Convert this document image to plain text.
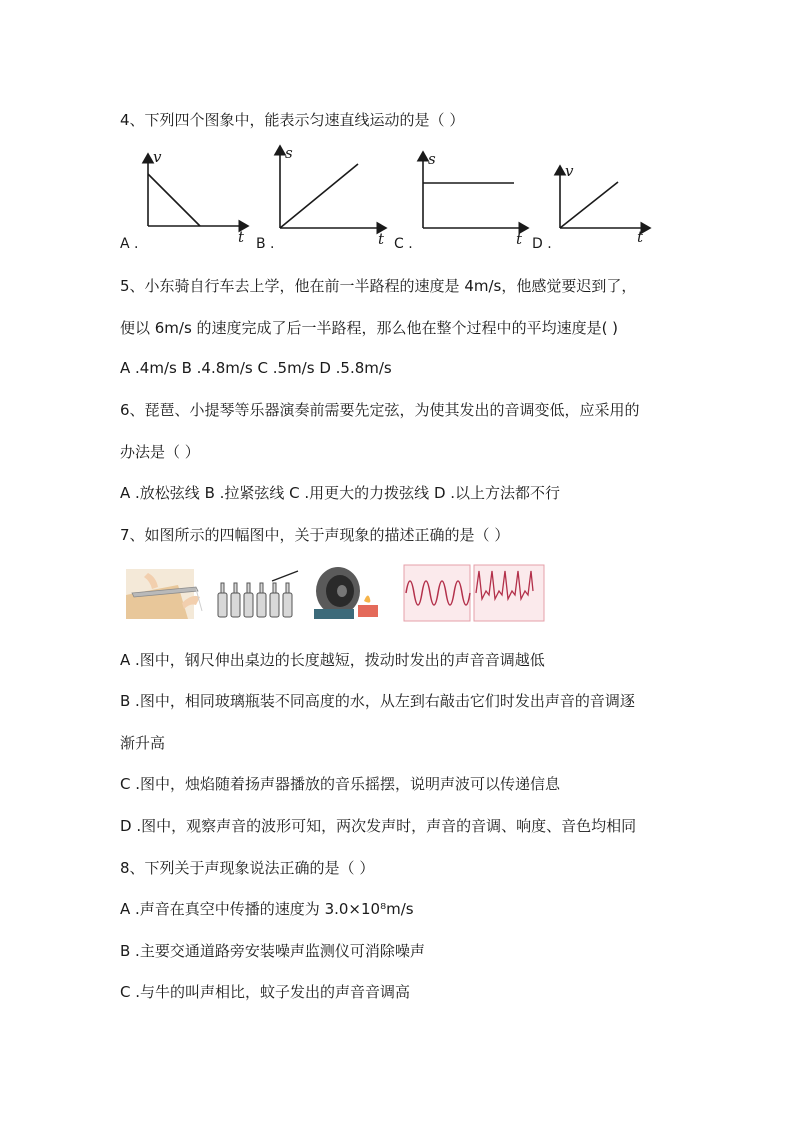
4、下列四个图象中，能表示匀速直线运动的是（ ）
A .
v
t B .
s
t C .
s
t D .
v
t
5、小东骑自行车去上学，他在前一半路程的速度是 4m/s，他感觉要迟到了，
便以 6m/s 的速度完成了后一半路程，那么他在整个过程中的平均速度是( )
A .4m/s B .4.8m/s C .5m/s D .5.8m/s
6、琵琶、小提琴等乐器演奏前需要先定弦，为使其发出的音调变低，应采用的
办法是（ ）
A .放松弦线 B .拉紧弦线 C .用更大的力拨弦线 D .以上方法都不行
7、如图所示的四幅图中，关于声现象的描述正确的是（ ）
A .图中，钢尺伸出桌边的长度越短，拨动时发出的声音音调越低
B .图中，相同玻璃瓶装不同高度的水，从左到右敲击它们时发出声音的音调逐
渐升高
C .图中，烛焰随着扬声器播放的音乐摇摆，说明声波可以传递信息
D .图中，观察声音的波形可知，两次发声时，声音的音调、响度、音色均相同
8、下列关于声现象说法正确的是（ ）
A .声音在真空中传播的速度为 3.0×10⁸m/s
B .主要交通道路旁安装噪声监测仪可消除噪声
C .与牛的叫声相比，蚊子发出的声音音调高
